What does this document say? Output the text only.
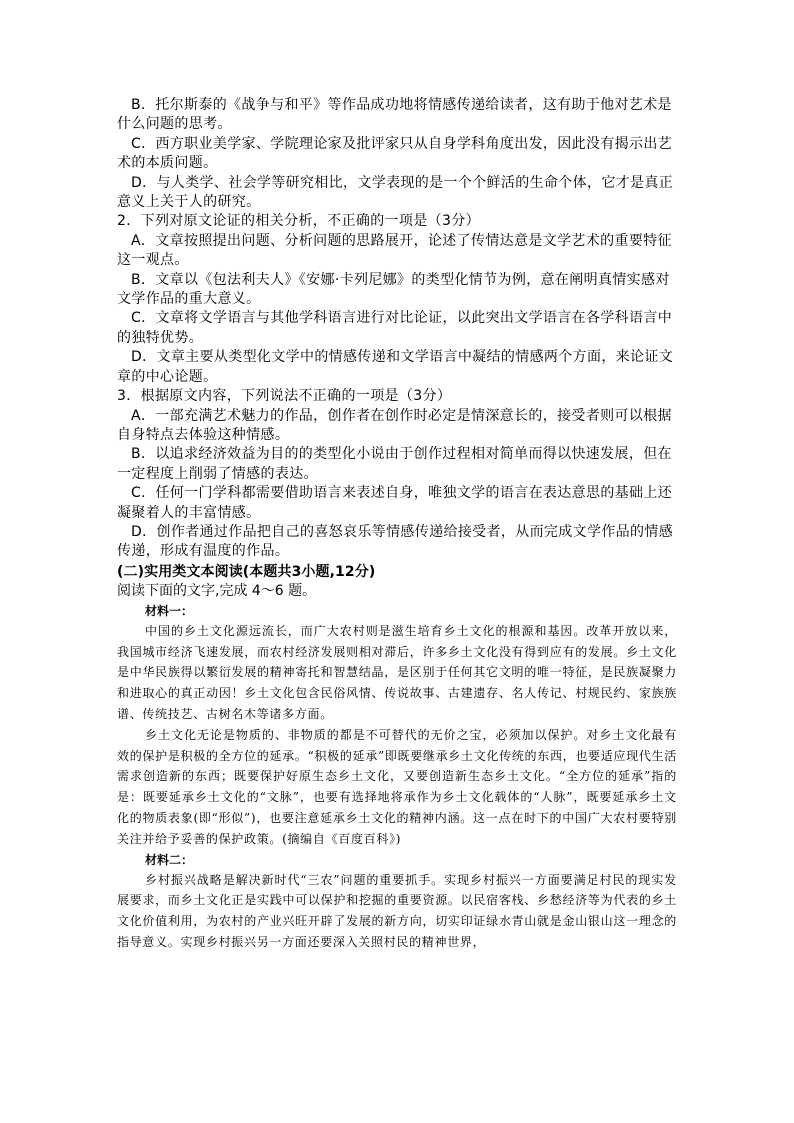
B．托尔斯泰的《战争与和平》等作品成功地将情感传递给读者，这有助于他对艺术是什么问题的思考。

C．西方职业美学家、学院理论家及批评家只从自身学科角度出发，因此没有揭示出艺术的本质问题。

D．与人类学、社会学等研究相比，文学表现的是一个个鲜活的生命个体，它才是真正意义上关于人的研究。

2．下列对原文论证的相关分析，不正确的一项是（3分）

A．文章按照提出问题、分析问题的思路展开，论述了传情达意是文学艺术的重要特征这一观点。

B．文章以《包法利夫人》《安娜·卡列尼娜》的类型化情节为例，意在阐明真情实感对文学作品的重大意义。

C．文章将文学语言与其他学科语言进行对比论证，以此突出文学语言在各学科语言中的独特优势。

D．文章主要从类型化文学中的情感传递和文学语言中凝结的情感两个方面，来论证文章的中心论题。

3．根据原文内容，下列说法不正确的一项是（3分）

A．一部充满艺术魅力的作品，创作者在创作时必定是情深意长的，接受者则可以根据自身特点去体验这种情感。

B．以追求经济效益为目的的类型化小说由于创作过程相对简单而得以快速发展，但在一定程度上削弱了情感的表达。

C．任何一门学科都需要借助语言来表述自身，唯独文学的语言在表达意思的基础上还凝聚着人的丰富情感。

D．创作者通过作品把自己的喜怒哀乐等情感传递给接受者，从而完成文学作品的情感传递，形成有温度的作品。

(二)实用类文本阅读(本题共3小题,12分)

阅读下面的文字,完成 4～6 题。

材料一：

中国的乡土文化源远流长，而广大农村则是滋生培育乡土文化的根源和基因。改革开放以来，我国城市经济飞速发展，而农村经济发展则相对滞后，许多乡土文化没有得到应有的发展。乡土文化是中华民族得以繁衍发展的精神寄托和智慧结晶，是区别于任何其它文明的唯一特征，是民族凝聚力和进取心的真正动因！乡土文化包含民俗风情、传说故事、古建遗存、名人传记、村规民约、家族族谱、传统技艺、古树名木等诸多方面。

乡土文化无论是物质的、非物质的都是不可替代的无价之宝，必须加以保护。对乡土文化最有效的保护是积极的全方位的延承。“积极的延承”即既要继承乡土文化传统的东西，也要适应现代生活需求创造新的东西；既要保护好原生态乡土文化，又要创造新生态乡土文化。“全方位的延承”指的是：既要延承乡土文化的“文脉”，也要有选择地将承作为乡土文化载体的“人脉”，既要延承乡土文化的物质表象(即“形似”)，也要注意延承乡土文化的精神内涵。这一点在时下的中国广大农村要特别关注并给予妥善的保护政策。(摘编自《百度百科》)

材料二：

乡村振兴战略是解决新时代“三农”问题的重要抓手。实现乡村振兴一方面要满足村民的现实发展要求，而乡土文化正是实践中可以保护和挖掘的重要资源。以民宿客栈、乡愁经济等为代表的乡土文化价值利用，为农村的产业兴旺开辟了发展的新方向，切实印证绿水青山就是金山银山这一理念的指导意义。实现乡村振兴另一方面还要深入关照村民的精神世界，
